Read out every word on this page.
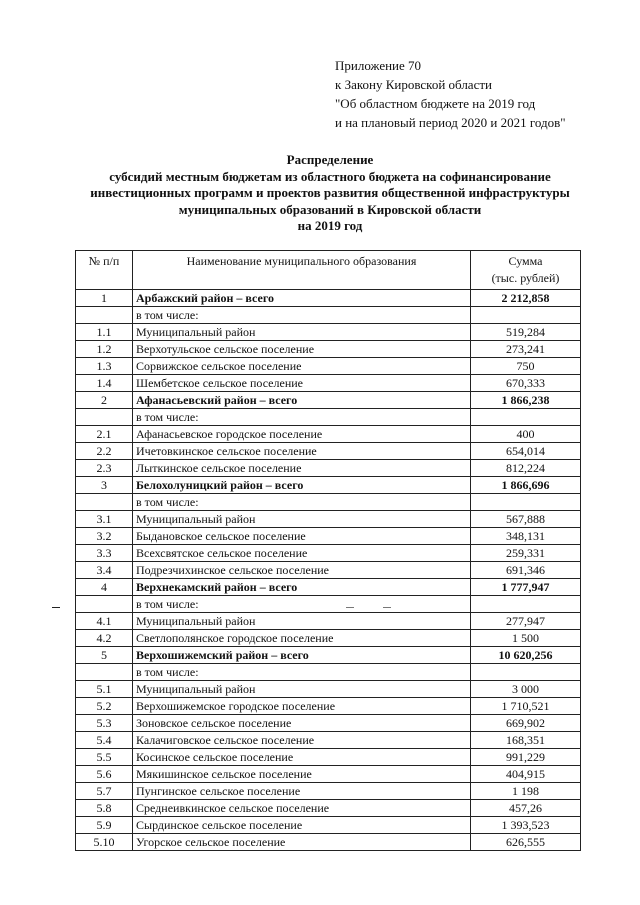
Приложение 70
к Закону Кировской области
"Об областном бюджете на 2019 год
и на плановый период 2020 и 2021 годов"
Распределение
субсидий местным бюджетам из областного бюджета на софинансирование
инвестиционных программ и проектов развития общественной инфраструктуры
муниципальных образований в Кировской области
на 2019 год
№ п/п	Наименование муниципального образования	Сумма
(тыс. рублей)

1	Арбажский район – всего	2 212,858
	в том числе:	
1.1	Муниципальный район	519,284
1.2	Верхотульское сельское поселение	273,241
1.3	Сорвижское сельское поселение	750
1.4	Шембетское сельское поселение	670,333
2	Афанасьевский район – всего	1 866,238
	в том числе:	
2.1	Афанасьевское городское поселение	400
2.2	Ичетовкинское сельское поселение	654,014
2.3	Лыткинское сельское поселение	812,224
3	Белохолуницкий район – всего	1 866,696
	в том числе:	
3.1	Муниципальный район	567,888
3.2	Быдановское сельское поселение	348,131
3.3	Всехсвятское сельское поселение	259,331
3.4	Подрезчихинское сельское поселение	691,346
4	Верхнекамский район – всего	1 777,947
	в том числе:	
4.1	Муниципальный район	277,947
4.2	Светлополянское городское поселение	1 500
5	Верхошижемский район – всего	10 620,256
	в том числе:	
5.1	Муниципальный район	3 000
5.2	Верхошижемское городское поселение	1 710,521
5.3	Зоновское сельское поселение	669,902
5.4	Калачиговское сельское поселение	168,351
5.5	Косинское сельское поселение	991,229
5.6	Мякишинское сельское поселение	404,915
5.7	Пунгинское сельское поселение	1 198
5.8	Среднеивкинское сельское поселение	457,26
5.9	Сырдинское сельское поселение	1 393,523
5.10	Угорское сельское поселение	626,555
